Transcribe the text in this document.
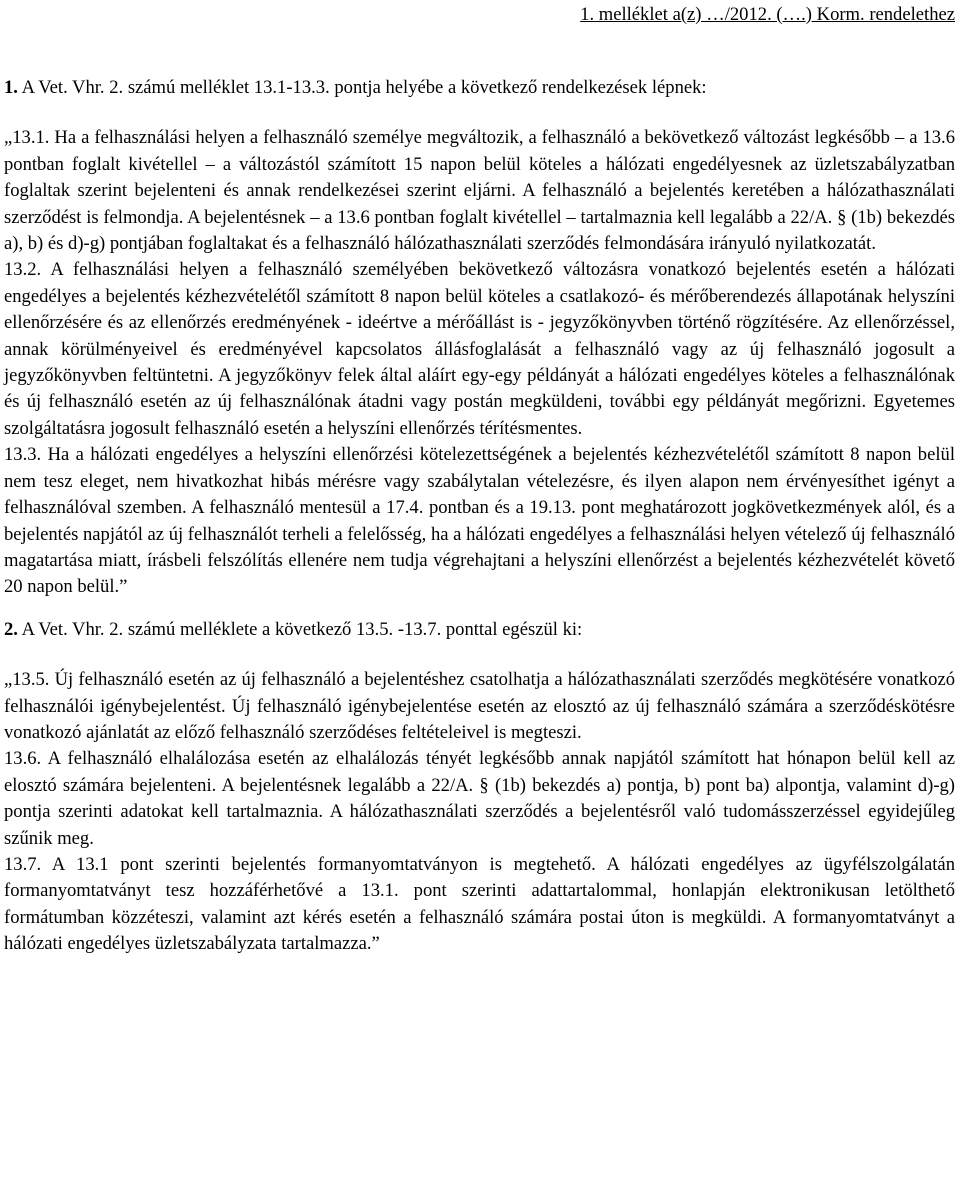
1. melléklet a(z) …/2012. (….) Korm. rendelethez
1. A Vet. Vhr. 2. számú melléklet 13.1-13.3. pontja helyébe a következő rendelkezések lépnek:

„13.1. Ha a felhasználási helyen a felhasználó személye megváltozik, a felhasználó a bekövetkező változást legkésőbb – a 13.6 pontban foglalt kivétellel – a változástól számított 15 napon belül köteles a hálózati engedélyesnek az üzletszabályzatban foglaltak szerint bejelenteni és annak rendelkezései szerint eljárni. A felhasználó a bejelentés keretében a hálózathasználati szerződést is felmondja. A bejelentésnek – a 13.6 pontban foglalt kivétellel – tartalmaznia kell legalább a 22/A. § (1b) bekezdés a), b) és d)-g) pontjában foglaltakat és a felhasználó hálózathasználati szerződés felmondására irányuló nyilatkozatát.

13.2. A felhasználási helyen a felhasználó személyében bekövetkező változásra vonatkozó bejelentés esetén a hálózati engedélyes a bejelentés kézhezvételétől számított 8 napon belül köteles a csatlakozó- és mérőberendezés állapotának helyszíni ellenőrzésére és az ellenőrzés eredményének - ideértve a mérőállást is - jegyzőkönyvben történő rögzítésére. Az ellenőrzéssel, annak körülményeivel és eredményével kapcsolatos állásfoglalását a felhasználó vagy az új felhasználó jogosult a jegyzőkönyvben feltüntetni. A jegyzőkönyv felek által aláírt egy-egy példányát a hálózati engedélyes köteles a felhasználónak és új felhasználó esetén az új felhasználónak átadni vagy postán megküldeni, további egy példányát megőrizni. Egyetemes szolgáltatásra jogosult felhasználó esetén a helyszíni ellenőrzés térítésmentes.

13.3. Ha a hálózati engedélyes a helyszíni ellenőrzési kötelezettségének a bejelentés kézhezvételétől számított 8 napon belül nem tesz eleget, nem hivatkozhat hibás mérésre vagy szabálytalan vételezésre, és ilyen alapon nem érvényesíthet igényt a felhasználóval szemben. A felhasználó mentesül a 17.4. pontban és a 19.13. pont meghatározott jogkövetkezmények alól, és a bejelentés napjától az új felhasználót terheli a felelősség, ha a hálózati engedélyes a felhasználási helyen vételező új felhasználó magatartása miatt, írásbeli felszólítás ellenére nem tudja végrehajtani a helyszíni ellenőrzést a bejelentés kézhezvételét követő 20 napon belül.”

2. A Vet. Vhr. 2. számú melléklete a következő 13.5. -13.7. ponttal egészül ki:

„13.5. Új felhasználó esetén az új felhasználó a bejelentéshez csatolhatja a hálózathasználati szerződés megkötésére vonatkozó felhasználói igénybejelentést. Új felhasználó igénybejelentése esetén az elosztó az új felhasználó számára a szerződéskötésre vonatkozó ajánlatát az előző felhasználó szerződéses feltételeivel is megteszi.

13.6. A felhasználó elhalálozása esetén az elhalálozás tényét legkésőbb annak napjától számított hat hónapon belül kell az elosztó számára bejelenteni. A bejelentésnek legalább a 22/A. § (1b) bekezdés a) pontja, b) pont ba) alpontja, valamint d)-g) pontja szerinti adatokat kell tartalmaznia. A hálózathasználati szerződés a bejelentésről való tudomásszerzéssel egyidejűleg szűnik meg.

13.7. A 13.1 pont szerinti bejelentés formanyomtatványon is megtehető. A hálózati engedélyes az ügyfélszolgálatán formanyomtatványt tesz hozzáférhetővé a 13.1. pont szerinti adattartalommal, honlapján elektronikusan letölthető formátumban közzéteszi, valamint azt kérés esetén a felhasználó számára postai úton is megküldi. A formanyomtatványt a hálózati engedélyes üzletszabályzata tartalmazza.”
